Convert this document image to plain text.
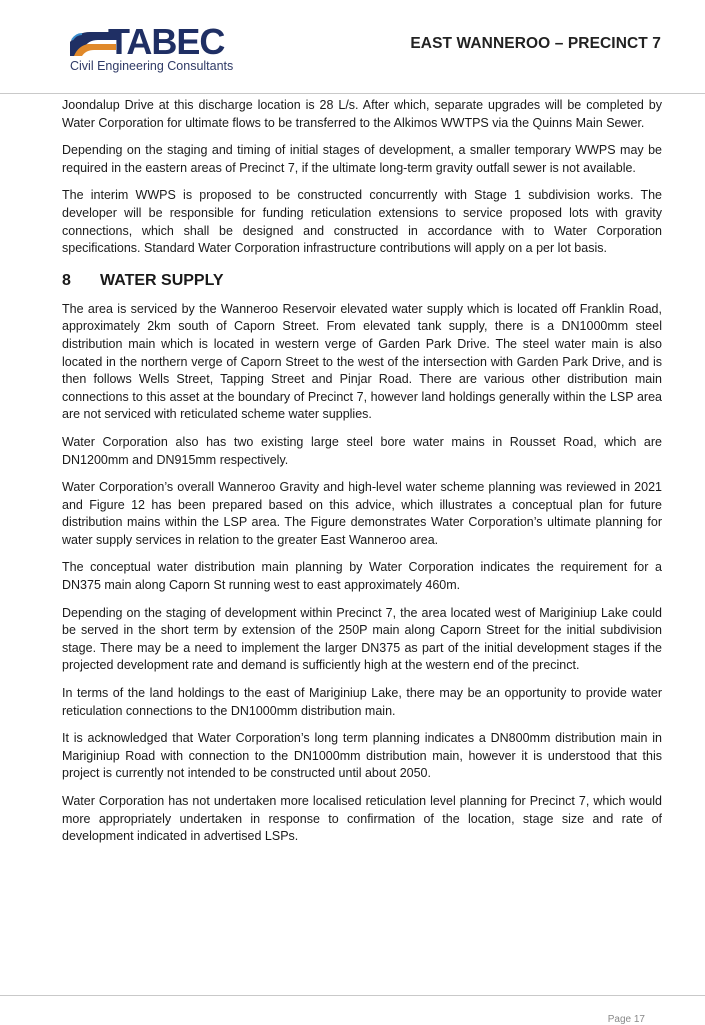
TABEC
Civil Engineering Consultants
EAST WANNEROO – PRECINCT 7

Joondalup Drive at this discharge location is 28 L/s. After which, separate upgrades will be completed by Water Corporation for ultimate flows to be transferred to the Alkimos WWTPS via the Quinns Main Sewer.

Depending on the staging and timing of initial stages of development, a smaller temporary WWPS may be required in the eastern areas of Precinct 7, if the ultimate long-term gravity outfall sewer is not available.

The interim WWPS is proposed to be constructed concurrently with Stage 1 subdivision works. The developer will be responsible for funding reticulation extensions to service proposed lots with gravity connections, which shall be designed and constructed in accordance with to Water Corporation specifications. Standard Water Corporation infrastructure contributions will apply on a per lot basis.

8	WATER SUPPLY

The area is serviced by the Wanneroo Reservoir elevated water supply which is located off Franklin Road, approximately 2km south of Caporn Street. From elevated tank supply, there is a DN1000mm steel distribution main which is located in western verge of Garden Park Drive. The steel water main is also located in the northern verge of Caporn Street to the west of the intersection with Garden Park Drive, and is then follows Wells Street, Tapping Street and Pinjar Road. There are various other distribution main connections to this asset at the boundary of Precinct 7, however land holdings generally within the LSP area are not serviced with reticulated scheme water supplies.

Water Corporation also has two existing large steel bore water mains in Rousset Road, which are DN1200mm and DN915mm respectively.

Water Corporation’s overall Wanneroo Gravity and high-level water scheme planning was reviewed in 2021 and Figure 12 has been prepared based on this advice, which illustrates a conceptual plan for future distribution mains within the LSP area. The Figure demonstrates Water Corporation’s ultimate planning for water supply services in relation to the greater East Wanneroo area.

The conceptual water distribution main planning by Water Corporation indicates the requirement for a DN375 main along Caporn St running west to east approximately 460m.

Depending on the staging of development within Precinct 7, the area located west of Mariginiup Lake could be served in the short term by extension of the 250P main along Caporn Street for the initial subdivision stage. There may be a need to implement the larger DN375 as part of the initial development stages if the projected development rate and demand is sufficiently high at the western end of the precinct.

In terms of the land holdings to the east of Mariginiup Lake, there may be an opportunity to provide water reticulation connections to the DN1000mm distribution main.

It is acknowledged that Water Corporation’s long term planning indicates a DN800mm distribution main in Mariginiup Road with connection to the DN1000mm distribution main, however it is understood that this project is currently not intended to be constructed until about 2050.

Water Corporation has not undertaken more localised reticulation level planning for Precinct 7, which would more appropriately undertaken in response to confirmation of the location, stage size and rate of development indicated in advertised LSPs.

Page 17
